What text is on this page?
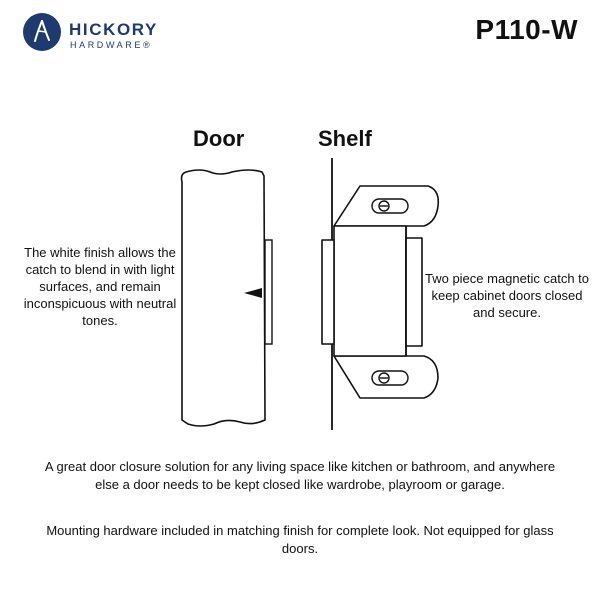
HICKORY
HARDWARE®	P110-W
Door	Shelf
The white finish allows the catch to blend in with light surfaces, and remain inconspicuous with neutral tones.
Two piece magnetic catch to keep cabinet doors closed and secure.
A great door closure solution for any living space like kitchen or bathroom, and anywhere else a door needs to be kept closed like wardrobe, playroom or garage.
Mounting hardware included in matching finish for complete look. Not equipped for glass doors.
